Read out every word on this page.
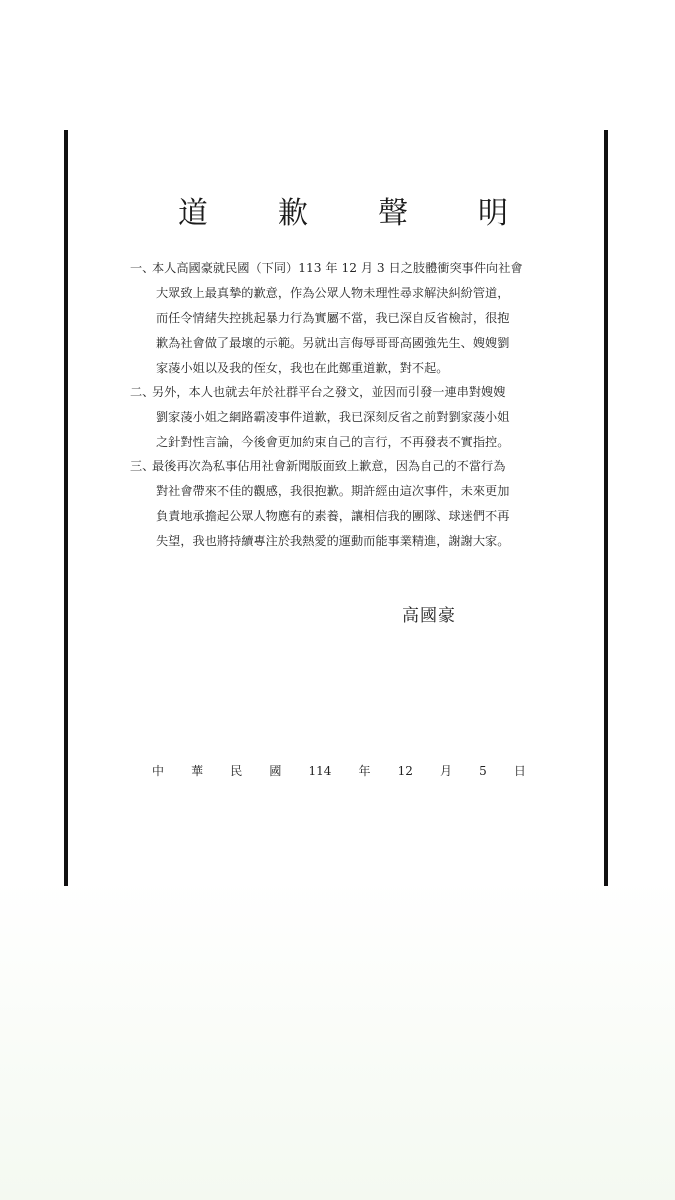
道 歉 聲 明
一、
本人高國豪就民國（下同）113 年 12 月 3 日之肢體衝突事件向社會
大眾致上最真摯的歉意，作為公眾人物未理性尋求解決糾紛管道，
而任令情緒失控挑起暴力行為實屬不當，我已深自反省檢討，很抱
歉為社會做了最壞的示範。另就出言侮辱哥哥高國強先生、嫂嫂劉
家蓤小姐以及我的侄女，我也在此鄭重道歉，對不起。
二、
另外，本人也就去年於社群平台之發文，並因而引發一連串對嫂嫂
劉家蓤小姐之網路霸凌事件道歉，我已深刻反省之前對劉家蓤小姐
之針對性言論，今後會更加約束自己的言行，不再發表不實指控。
三、
最後再次為私事佔用社會新聞版面致上歉意，因為自己的不當行為
對社會帶來不佳的觀感，我很抱歉。期許經由這次事件，未來更加
負責地承擔起公眾人物應有的素養，讓相信我的團隊、球迷們不再
失望，我也將持續專注於我熱愛的運動而能事業精進，謝謝大家。
高國豪
中 華 民 國 114 年 12 月 5 日
